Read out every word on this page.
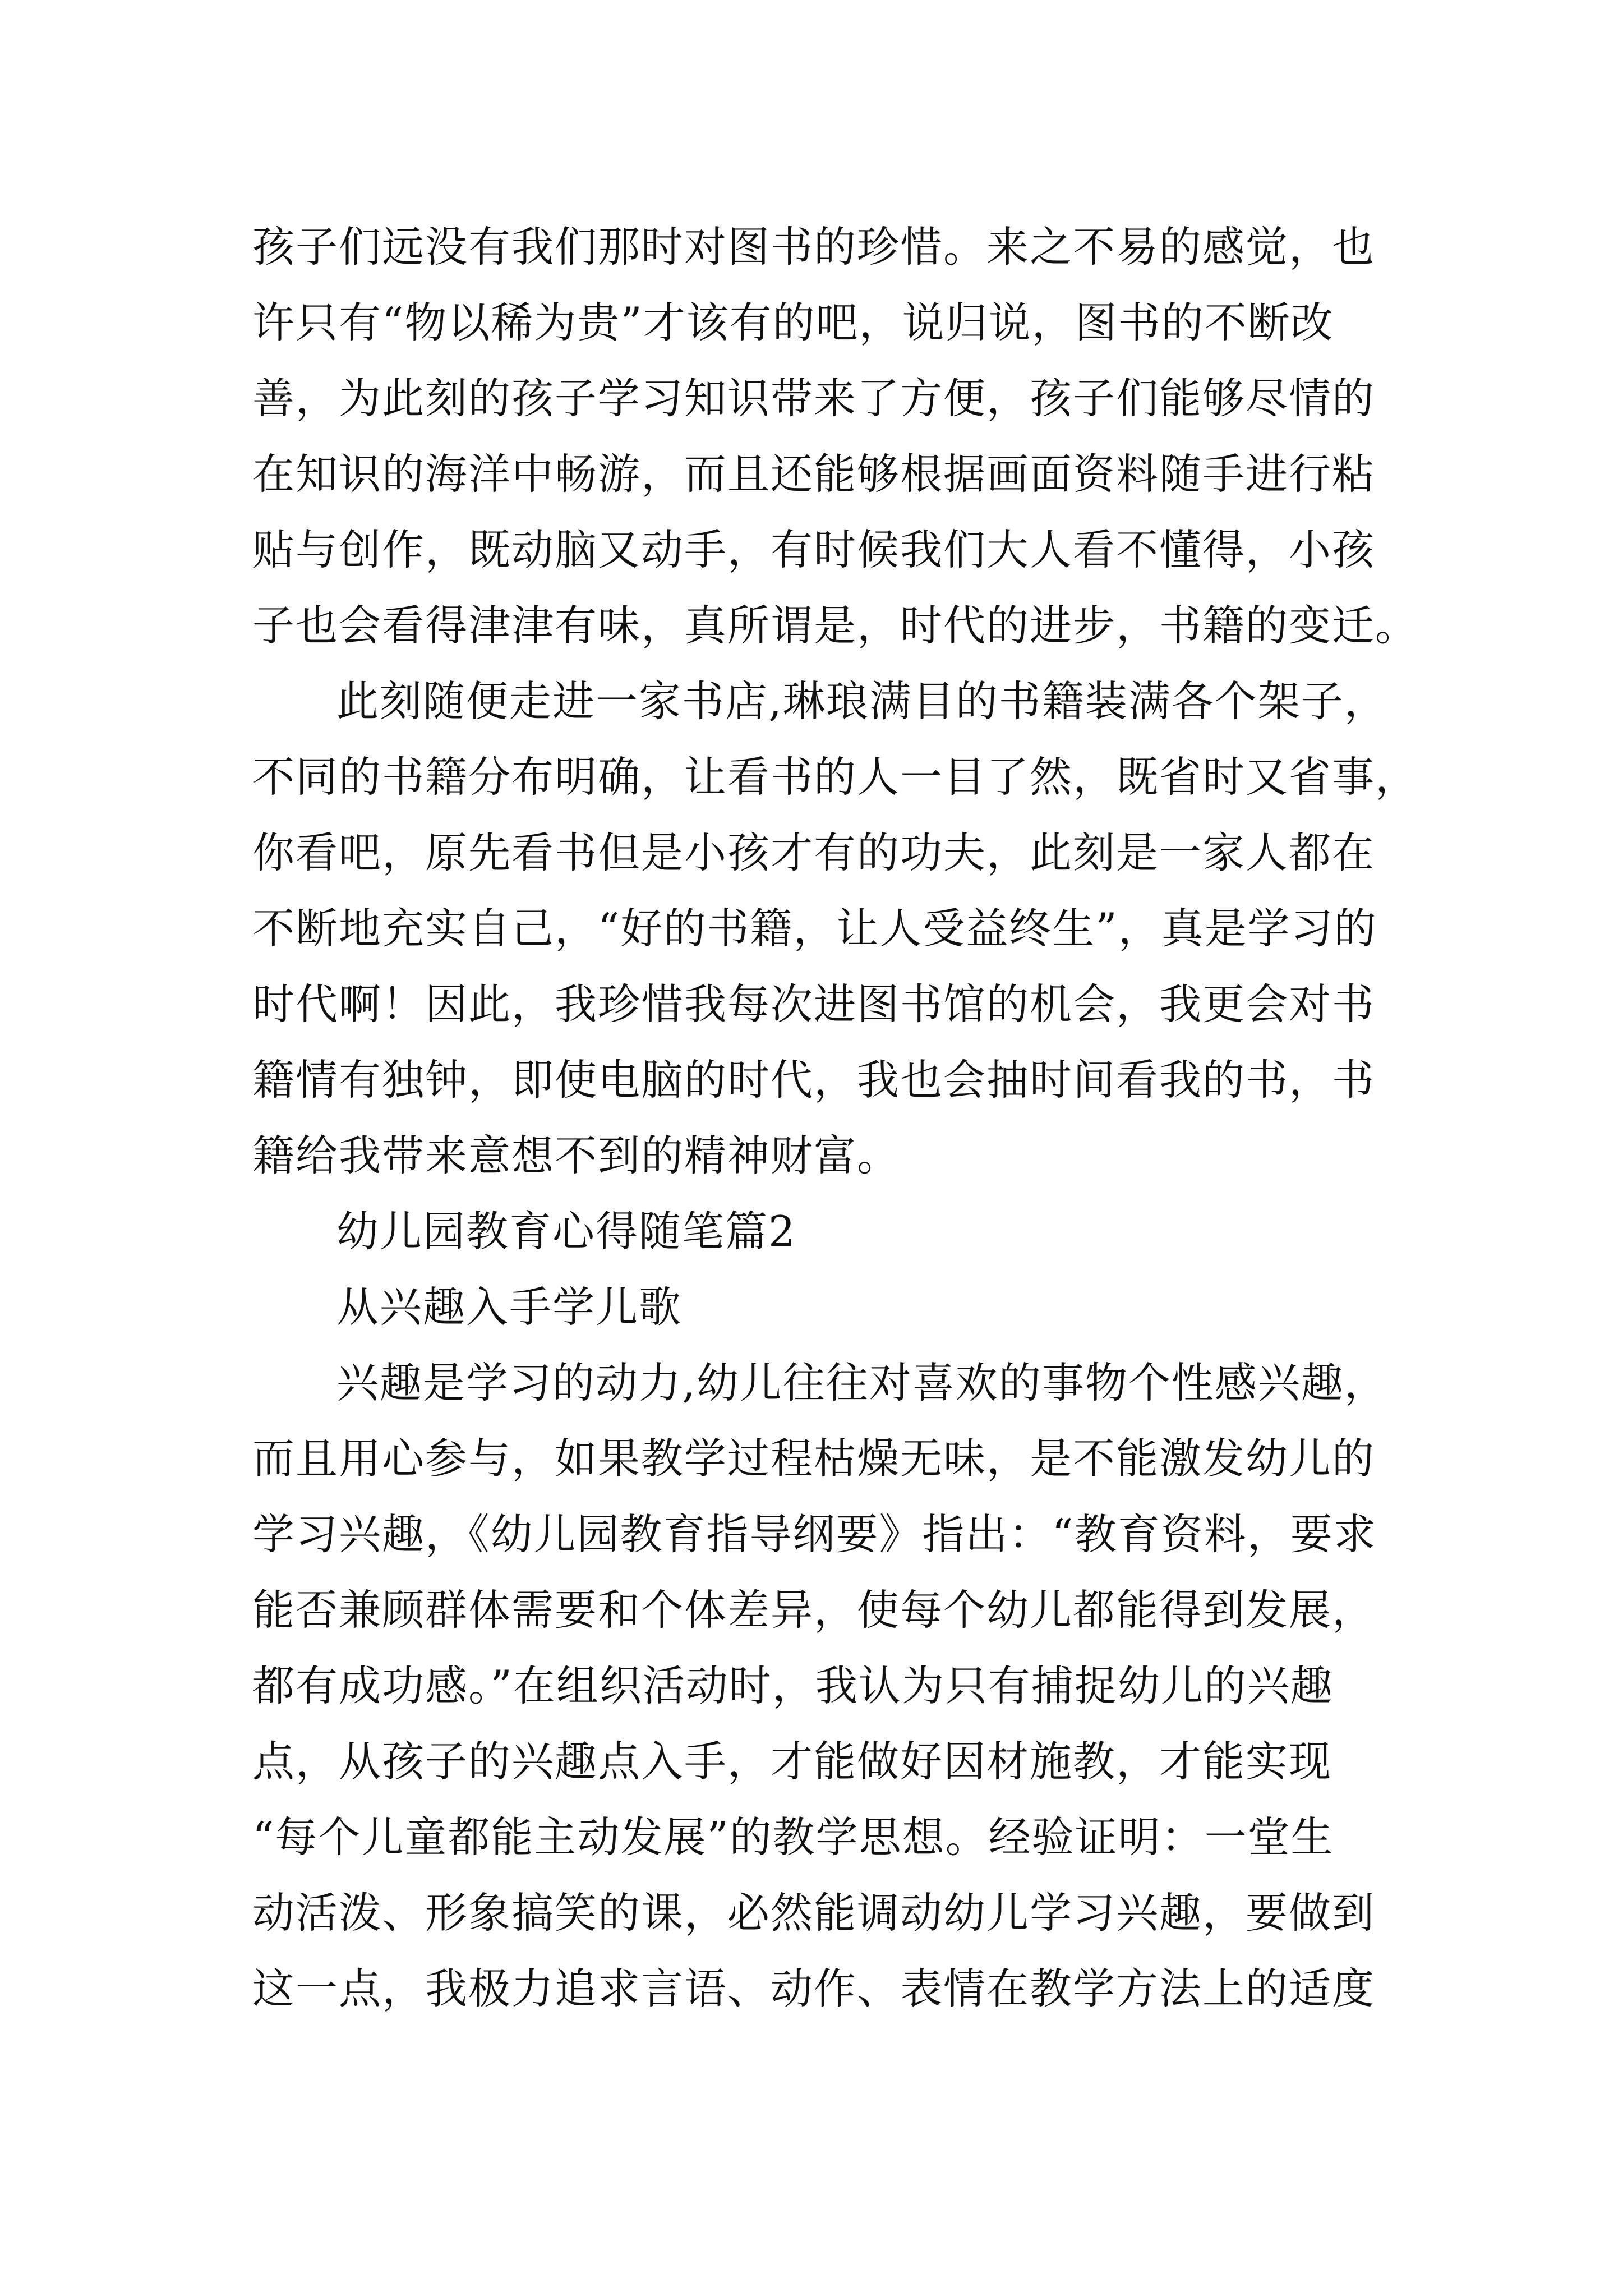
孩子们远没有我们那时对图书的珍惜。来之不易的感觉，也
许只有“物以稀为贵”才该有的吧，说归说，图书的不断改
善，为此刻的孩子学习知识带来了方便，孩子们能够尽情的
在知识的海洋中畅游，而且还能够根据画面资料随手进行粘
贴与创作，既动脑又动手，有时候我们大人看不懂得，小孩
子也会看得津津有味，真所谓是，时代的进步，书籍的变迁。
此刻随便走进一家书店,琳琅满目的书籍装满各个架子，
不同的书籍分布明确，让看书的人一目了然，既省时又省事，
你看吧，原先看书但是小孩才有的功夫，此刻是一家人都在
不断地充实自己，“好的书籍，让人受益终生”，真是学习的
时代啊！因此，我珍惜我每次进图书馆的机会，我更会对书
籍情有独钟，即使电脑的时代，我也会抽时间看我的书，书
籍给我带来意想不到的精神财富。
幼儿园教育心得随笔篇2
从兴趣入手学儿歌
兴趣是学习的动力,幼儿往往对喜欢的事物个性感兴趣，
而且用心参与，如果教学过程枯燥无味，是不能激发幼儿的
学习兴趣，《幼儿园教育指导纲要》指出：“教育资料，要求
能否兼顾群体需要和个体差异，使每个幼儿都能得到发展，
都有成功感。”在组织活动时，我认为只有捕捉幼儿的兴趣
点，从孩子的兴趣点入手，才能做好因材施教，才能实现
“每个儿童都能主动发展”的教学思想。经验证明：一堂生
动活泼、形象搞笑的课，必然能调动幼儿学习兴趣，要做到
这一点，我极力追求言语、动作、表情在教学方法上的适度
